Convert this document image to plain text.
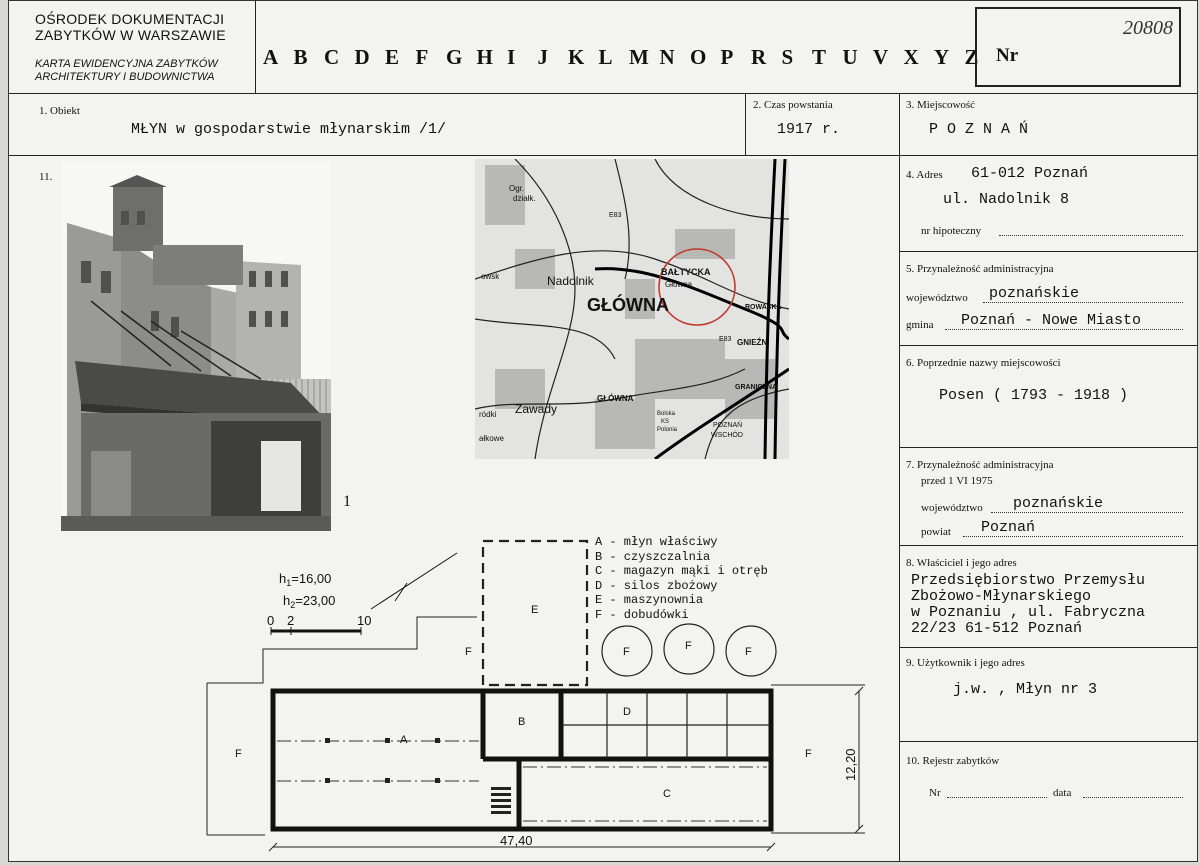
OŚRODEK DOKUMENTACJI
ZABYTKÓW W WARSZAWIE
KARTA EWIDENCYJNA ZABYTKÓW
ARCHITEKTURY I BUDOWNICTWA
A B C D E F G H I J K L M N O P R S T U V X Y Z Nr
20808
1. Obiekt
MŁYN w gospodarstwie młynarskim /1/
2. Czas powstania
1917 r.
3. Miejscowość
P O Z N A Ń
11.	4. Adres 61-012 Poznań
ul. Nadolnik 8
nr hipoteczny
5. Przynależność administracyjna
województwo poznańskie
gmina Poznań - Nowe Miasto
6. Poprzednie nazwy miejscowości
Posen ( 1793 - 1918 )
7. Przynależność administracyjna
przed 1 VI 1975
województwo poznańskie
powiat Poznań
8. Właściciel i jego adres
Przedsiębiorstwo Przemysłu
Zbożowo-Młynarskiego
w Poznaniu , ul. Fabryczna
22/23 61-512 Poznań
9. Użytkownik i jego adres
j.w. , Młyn nr 3
10. Rejestr zabytków
Nr	data
1
Ogr.
działk.
Nadolnik
GŁÓWNA
BAŁTYCKA
Główna
Zawady
GŁÓWNA
E83
E83 GNIEŹN
ROWASKA
POZNAŃ
WSCHÓD
Bolska
KS
Polonia
ałkowe
owsk
ródki
GRANICZNA
A
B
C
D
E
F
F	F
F	F	F
$h_1=16,00$
$h_2=23,00$
0 2	10
47,40
12,20
A - młyn właściwy
B - czyszczalnia
C - magazyn mąki i otręb
D - silos zbożowy
E - maszynownia
F - dobudówki
